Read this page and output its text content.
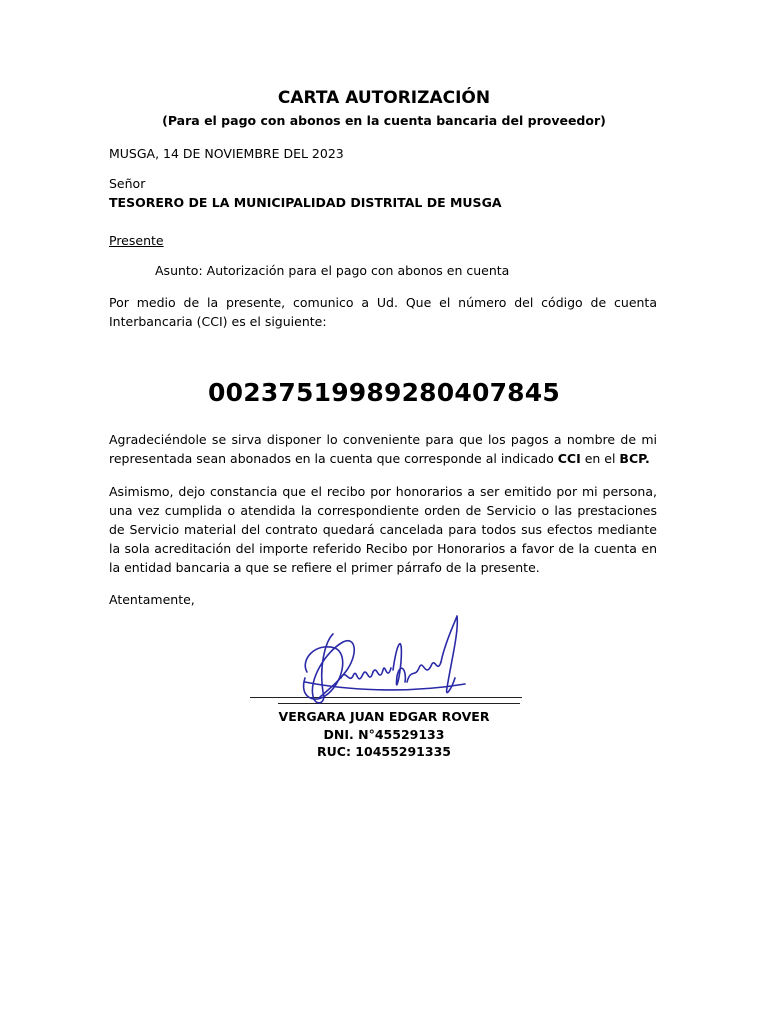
CARTA AUTORIZACIÓN

(Para el pago con abonos en la cuenta bancaria del proveedor)

MUSGA, 14 DE NOVIEMBRE DEL 2023

Señor

TESORERO DE LA MUNICIPALIDAD DISTRITAL DE MUSGA

Presente

Asunto: Autorización para el pago con abonos en cuenta

Por medio de la presente, comunico a Ud. Que el número del código de cuenta Interbancaria (CCI) es el siguiente:

00237519989280407845

Agradeciéndole se sirva disponer lo conveniente para que los pagos a nombre de mi representada sean abonados en la cuenta que corresponde al indicado CCI en el BCP.

Asimismo, dejo constancia que el recibo por honorarios a ser emitido por mi persona, una vez cumplida o atendida la correspondiente orden de Servicio o las prestaciones de Servicio material del contrato quedará cancelada para todos sus efectos mediante la sola acreditación del importe referido Recibo por Honorarios a favor de la cuenta en la entidad bancaria a que se refiere el primer párrafo de la presente.

Atentamente,

VERGARA JUAN EDGAR ROVER

DNI. N°45529133

RUC: 10455291335
